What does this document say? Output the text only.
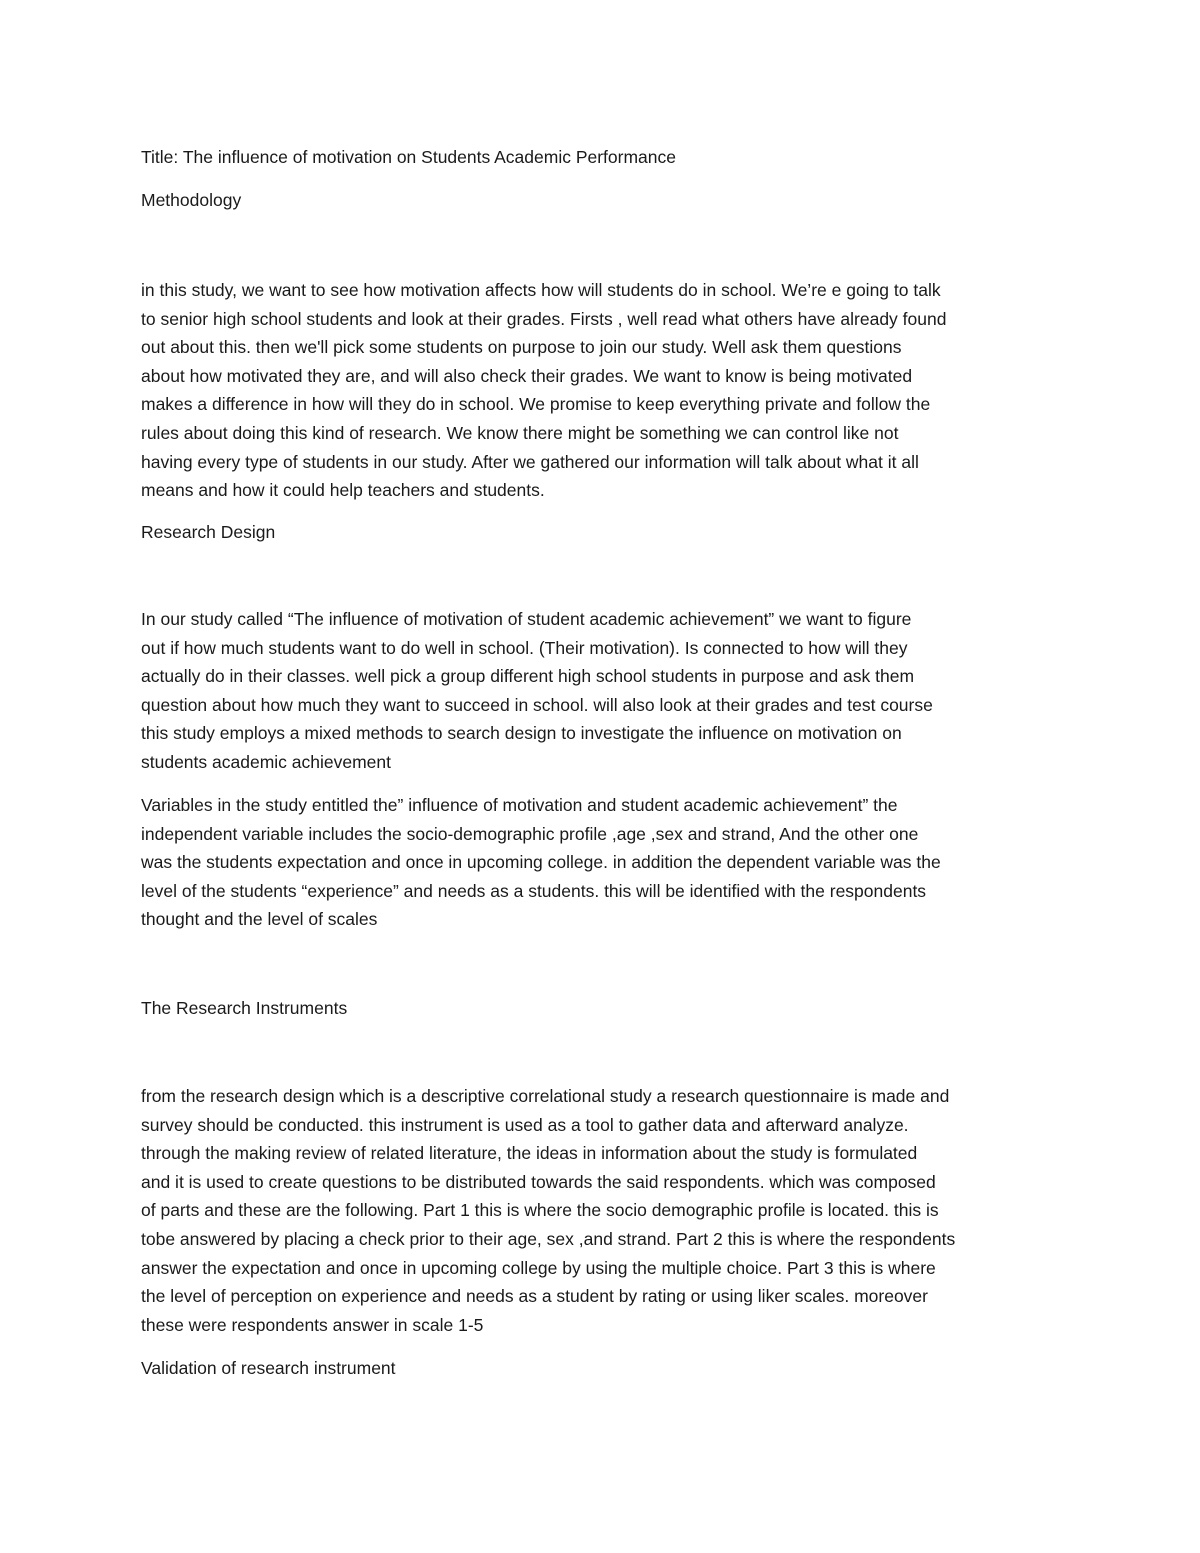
Title: The influence of motivation on Students Academic Performance

Methodology

in this study, we want to see how motivation affects how will students do in school. We’re e going to talk
to senior high school students and look at their grades. Firsts , well read what others have already found
out about this. then we'll pick some students on purpose to join our study. Well ask them questions
about how motivated they are, and will also check their grades. We want to know is being motivated
makes a difference in how will they do in school. We promise to keep everything private and follow the
rules about doing this kind of research. We know there might be something we can control like not
having every type of students in our study. After we gathered our information will talk about what it all
means and how it could help teachers and students.

Research Design

In our study called “The influence of motivation of student academic achievement” we want to figure
out if how much students want to do well in school. (Their motivation). Is connected to how will they
actually do in their classes. well pick a group different high school students in purpose and ask them
question about how much they want to succeed in school. will also look at their grades and test course
this study employs a mixed methods to search design to investigate the influence on motivation on
students academic achievement
Variables in the study entitled the” influence of motivation and student academic achievement” the
independent variable includes the socio-demographic profile ,age ,sex and strand, And the other one
was the students expectation and once in upcoming college. in addition the dependent variable was the
level of the students “experience” and needs as a students. this will be identified with the respondents
thought and the level of scales

The Research Instruments

from the research design which is a descriptive correlational study a research questionnaire is made and
survey should be conducted. this instrument is used as a tool to gather data and afterward analyze.
through the making review of related literature, the ideas in information about the study is formulated
and it is used to create questions to be distributed towards the said respondents. which was composed
of parts and these are the following. Part 1 this is where the socio demographic profile is located. this is
tobe answered by placing a check prior to their age, sex ,and strand. Part 2 this is where the respondents
answer the expectation and once in upcoming college by using the multiple choice. Part 3 this is where
the level of perception on experience and needs as a student by rating or using liker scales. moreover
these were respondents answer in scale 1-5

Validation of research instrument
